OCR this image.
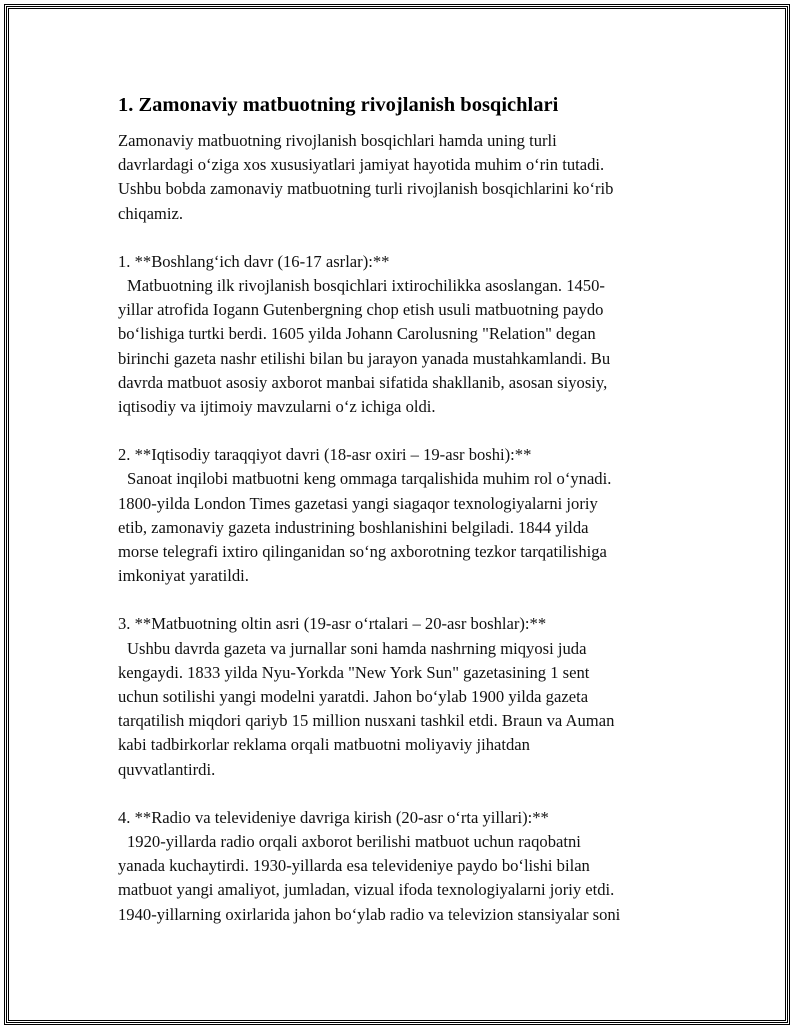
1. Zamonaviy matbuotning rivojlanish bosqichlari

Zamonaviy matbuotning rivojlanish bosqichlari hamda uning turli
davrlardagi o‘ziga xos xususiyatlari jamiyat hayotida muhim o‘rin tutadi.
Ushbu bobda zamonaviy matbuotning turli rivojlanish bosqichlarini ko‘rib
chiqamiz.

1. **Boshlang‘ich davr (16-17 asrlar):**

Matbuotning ilk rivojlanish bosqichlari ixtirochilikka asoslangan. 1450-
yillar atrofida Iogann Gutenbergning chop etish usuli matbuotning paydo
bo‘lishiga turtki berdi. 1605 yilda Johann Carolusning "Relation" degan
birinchi gazeta nashr etilishi bilan bu jarayon yanada mustahkamlandi. Bu
davrda matbuot asosiy axborot manbai sifatida shakllanib, asosan siyosiy,
iqtisodiy va ijtimoiy mavzularni o‘z ichiga oldi.

2. **Iqtisodiy taraqqiyot davri (18-asr oxiri – 19-asr boshi):**

Sanoat inqilobi matbuotni keng ommaga tarqalishida muhim rol o‘ynadi.
1800-yilda London Times gazetasi yangi siagaqor texnologiyalarni joriy
etib, zamonaviy gazeta industrining boshlanishini belgiladi. 1844 yilda
morse telegrafi ixtiro qilinganidan so‘ng axborotning tezkor tarqatilishiga
imkoniyat yaratildi.

3. **Matbuotning oltin asri (19-asr o‘rtalari – 20-asr boshlar):**

Ushbu davrda gazeta va jurnallar soni hamda nashrning miqyosi juda
kengaydi. 1833 yilda Nyu-Yorkda "New York Sun" gazetasining 1 sent
uchun sotilishi yangi modelni yaratdi. Jahon bo‘ylab 1900 yilda gazeta
tarqatilish miqdori qariyb 15 million nusxani tashkil etdi. Braun va Auman
kabi tadbirkorlar reklama orqali matbuotni moliyaviy jihatdan
quvvatlantirdi.

4. **Radio va televideniye davriga kirish (20-asr o‘rta yillari):**

1920-yillarda radio orqali axborot berilishi matbuot uchun raqobatni
yanada kuchaytirdi. 1930-yillarda esa televideniye paydo bo‘lishi bilan
matbuot yangi amaliyot, jumladan, vizual ifoda texnologiyalarni joriy etdi.
1940-yillarning oxirlarida jahon bo‘ylab radio va televizion stansiyalar soni
